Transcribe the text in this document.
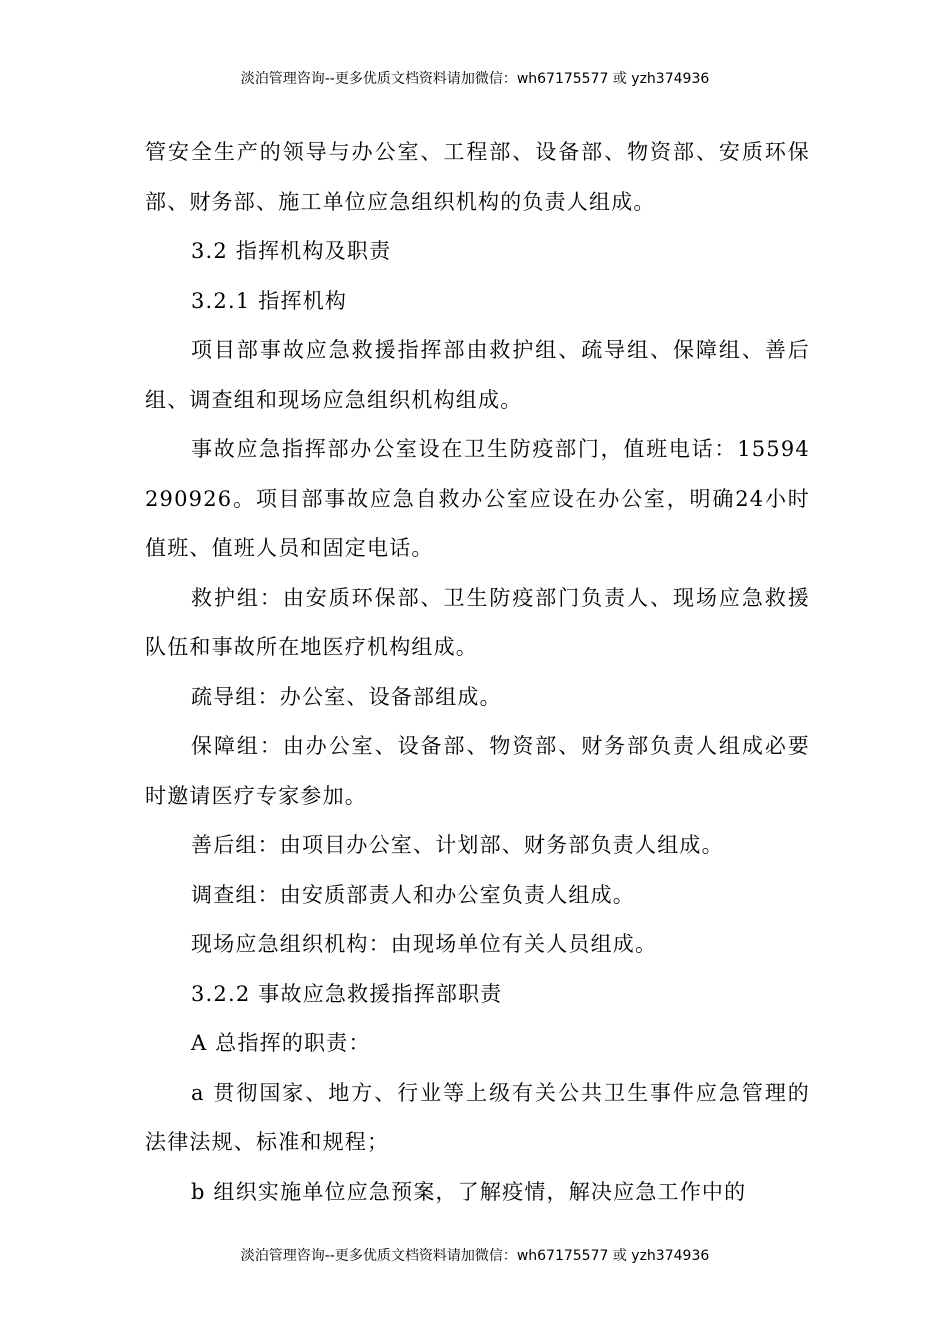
淡泊管理咨询--更多优质文档资料请加微信：wh67175577 或 yzh374936

管安全生产的领导与办公室、工程部、设备部、物资部、安质环保部、财务部、施工单位应急组织机构的负责人组成。

3.2 指挥机构及职责

3.2.1 指挥机构

项目部事故应急救援指挥部由救护组、疏导组、保障组、善后组、调查组和现场应急组织机构组成。

事故应急指挥部办公室设在卫生防疫部门，值班电话：15594290926。项目部事故应急自救办公室应设在办公室，明确24小时值班、值班人员和固定电话。

救护组：由安质环保部、卫生防疫部门负责人、现场应急救援队伍和事故所在地医疗机构组成。

疏导组：办公室、设备部组成。

保障组：由办公室、设备部、物资部、财务部负责人组成必要时邀请医疗专家参加。

善后组：由项目办公室、计划部、财务部负责人组成。

调查组：由安质部责人和办公室负责人组成。

现场应急组织机构：由现场单位有关人员组成。

3.2.2 事故应急救援指挥部职责

A 总指挥的职责：

a 贯彻国家、地方、行业等上级有关公共卫生事件应急管理的法律法规、标准和规程；

b 组织实施单位应急预案，了解疫情，解决应急工作中的

淡泊管理咨询--更多优质文档资料请加微信：wh67175577 或 yzh374936
